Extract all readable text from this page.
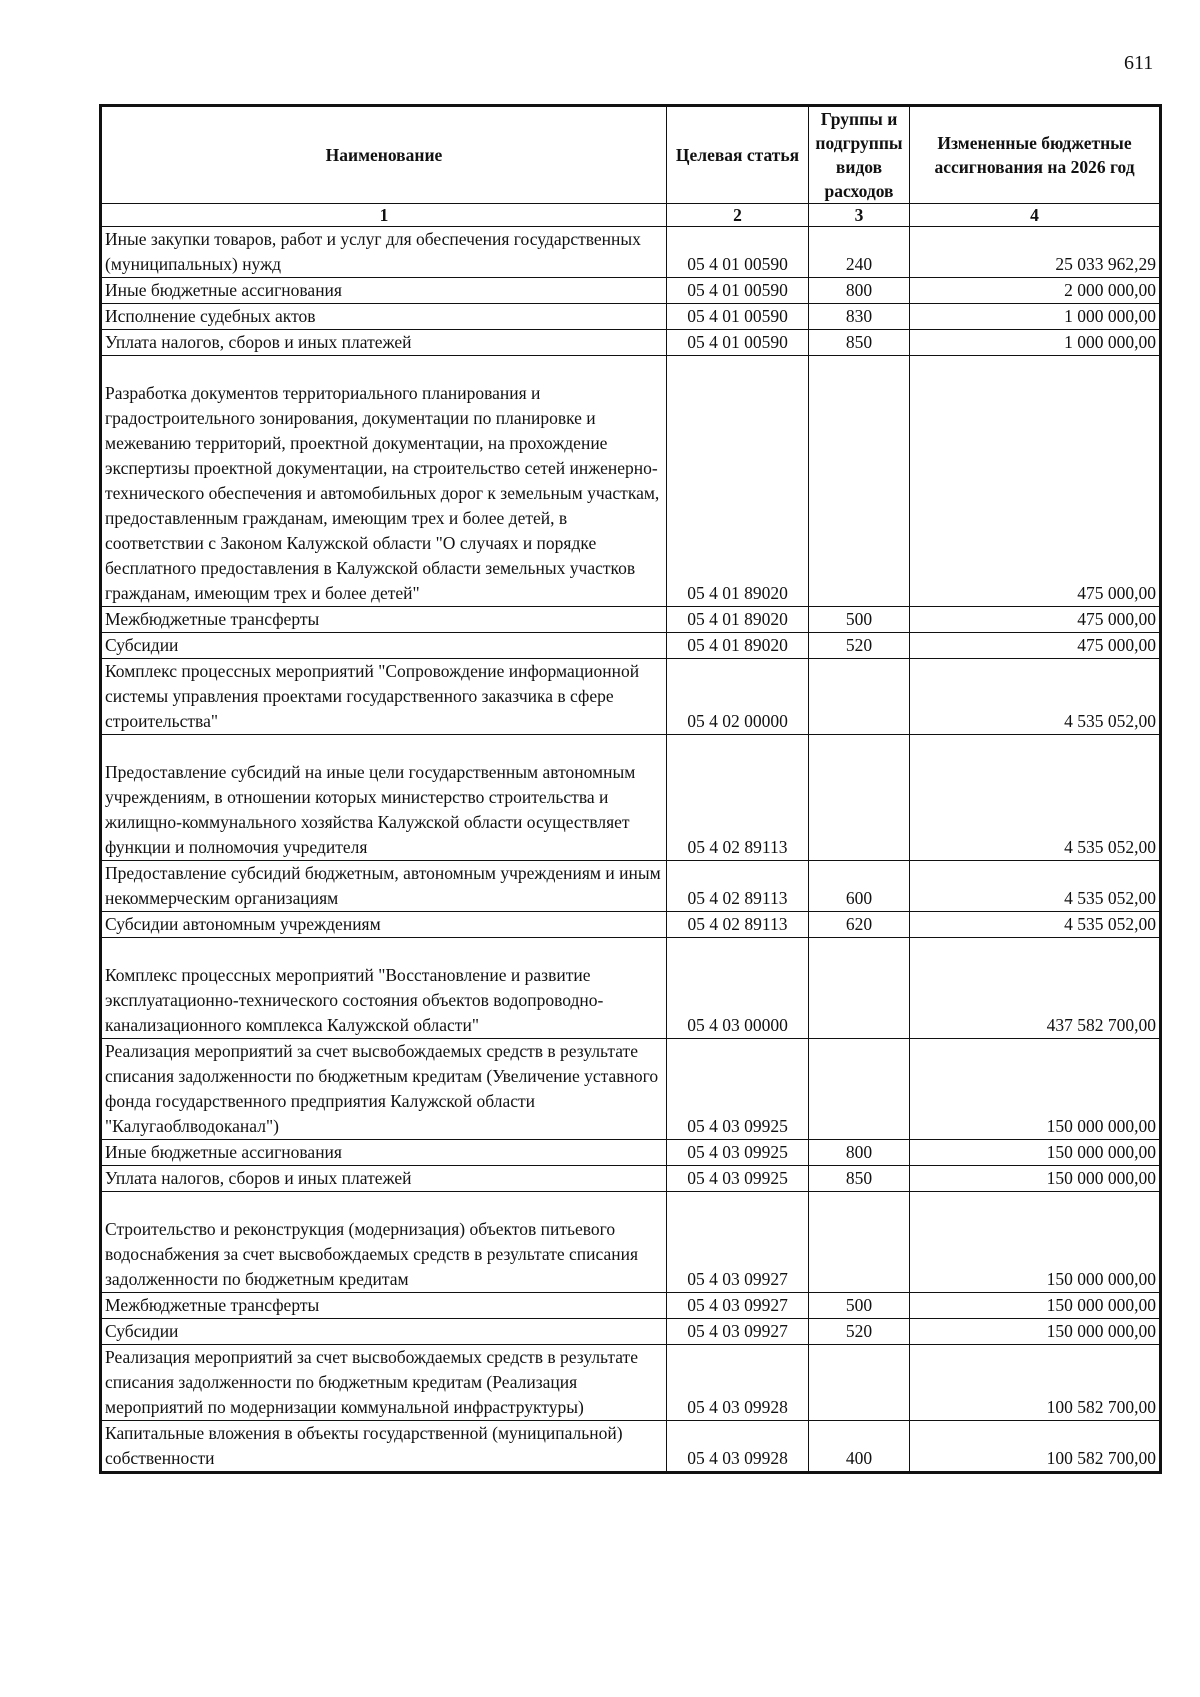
611
Наименование	Целевая статья	Группы и подгруппы видов расходов	Измененные бюджетные ассигнования на 2026 год
1	2	3	4
Иные закупки товаров, работ и услуг для обеспечения государственных (муниципальных) нужд	05 4 01 00590	240	25 033 962,29
Иные бюджетные ассигнования	05 4 01 00590	800	2 000 000,00
Исполнение судебных актов	05 4 01 00590	830	1 000 000,00
Уплата налогов, сборов и иных платежей	05 4 01 00590	850	1 000 000,00
Разработка документов территориального планирования и градостроительного зонирования, документации по планировке и межеванию территорий, проектной документации, на прохождение экспертизы проектной документации, на строительство сетей инженерно-технического обеспечения и автомобильных дорог к земельным участкам, предоставленным гражданам, имеющим трех и более детей, в соответствии с Законом Калужской области "О случаях и порядке бесплатного предоставления в Калужской области земельных участков гражданам, имеющим трех и более детей"	05 4 01 89020		475 000,00
Межбюджетные трансферты	05 4 01 89020	500	475 000,00
Субсидии	05 4 01 89020	520	475 000,00
Комплекс процессных мероприятий "Сопровождение информационной системы управления проектами государственного заказчика в сфере строительства"	05 4 02 00000		4 535 052,00
Предоставление субсидий на иные цели государственным автономным учреждениям, в отношении которых министерство строительства и жилищно-коммунального хозяйства Калужской области осуществляет функции и полномочия учредителя	05 4 02 89113		4 535 052,00
Предоставление субсидий бюджетным, автономным учреждениям и иным некоммерческим организациям	05 4 02 89113	600	4 535 052,00
Субсидии автономным учреждениям	05 4 02 89113	620	4 535 052,00
Комплекс процессных мероприятий "Восстановление и развитие эксплуатационно-технического состояния объектов водопроводно-канализационного комплекса Калужской области"	05 4 03 00000		437 582 700,00
Реализация мероприятий за счет высвобождаемых средств в результате списания задолженности по бюджетным кредитам (Увеличение уставного фонда государственного предприятия Калужской области "Калугаоблводоканал")	05 4 03 09925		150 000 000,00
Иные бюджетные ассигнования	05 4 03 09925	800	150 000 000,00
Уплата налогов, сборов и иных платежей	05 4 03 09925	850	150 000 000,00
Строительство и реконструкция (модернизация) объектов питьевого водоснабжения за счет высвобождаемых средств в результате списания задолженности по бюджетным кредитам	05 4 03 09927		150 000 000,00
Межбюджетные трансферты	05 4 03 09927	500	150 000 000,00
Субсидии	05 4 03 09927	520	150 000 000,00
Реализация мероприятий за счет высвобождаемых средств в результате списания задолженности по бюджетным кредитам (Реализация мероприятий по модернизации коммунальной инфраструктуры)	05 4 03 09928		100 582 700,00
Капитальные вложения в объекты государственной (муниципальной) собственности	05 4 03 09928	400	100 582 700,00
